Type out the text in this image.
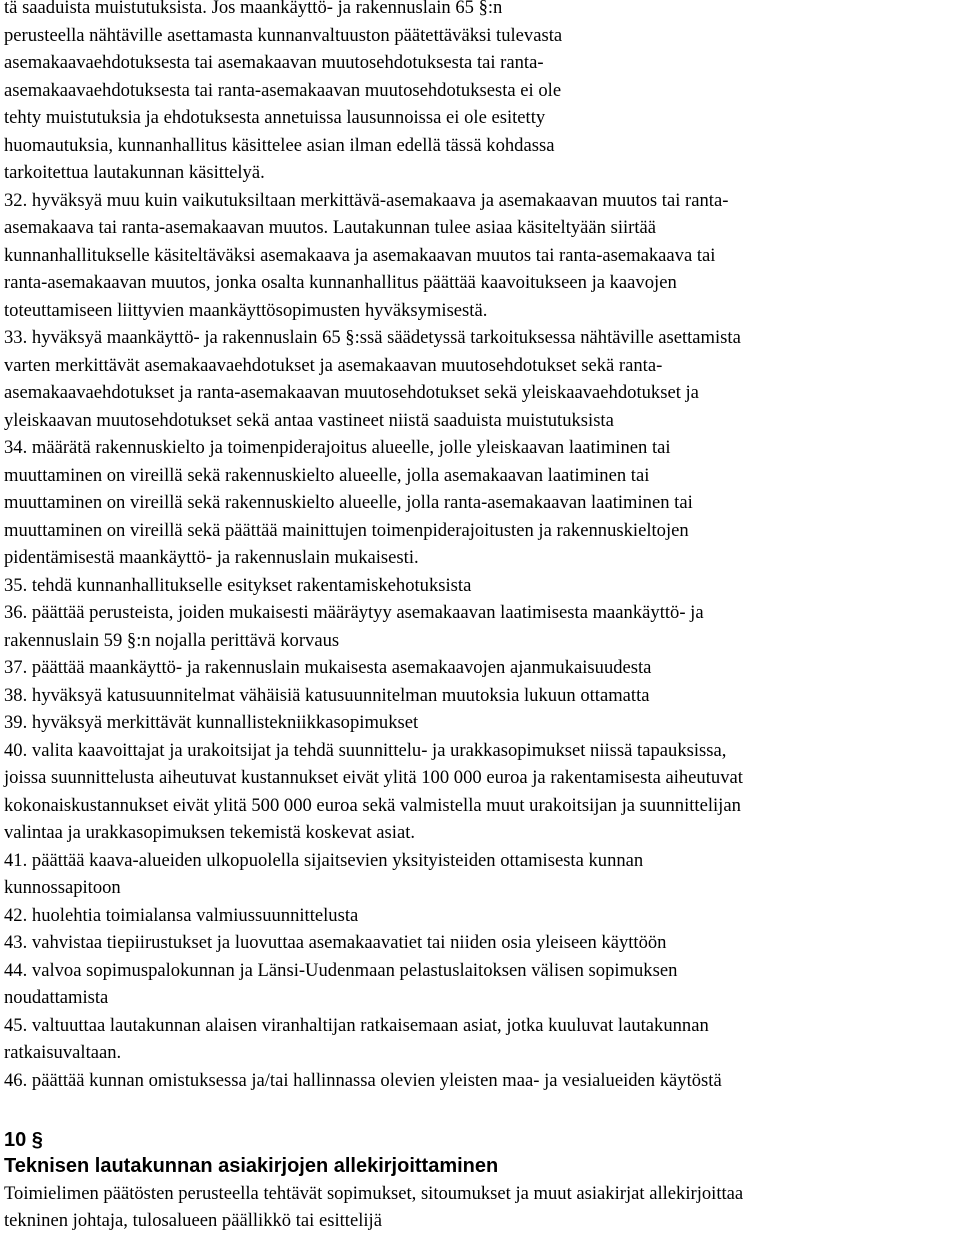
tä saaduista muistutuksista. Jos maankäyttö- ja rakennuslain 65 §:n
perusteella nähtäville asettamasta kunnanvaltuuston päätettäväksi tulevasta
asemakaavaehdotuksesta tai asemakaavan muutosehdotuksesta tai ranta-
asemakaavaehdotuksesta tai ranta-asemakaavan muutosehdotuksesta ei ole
tehty muistutuksia ja ehdotuksesta annetuissa lausunnoissa ei ole esitetty
huomautuksia, kunnanhallitus käsittelee asian ilman edellä tässä kohdassa
tarkoitettua lautakunnan käsittelyä.
32. hyväksyä muu kuin vaikutuksiltaan merkittävä-asemakaava ja asemakaavan muutos tai ranta-
asemakaava tai ranta-asemakaavan muutos. Lautakunnan tulee asiaa käsiteltyään siirtää
kunnanhallitukselle käsiteltäväksi asemakaava ja asemakaavan muutos tai ranta-asemakaava tai
ranta-asemakaavan muutos, jonka osalta kunnanhallitus päättää kaavoitukseen ja kaavojen
toteuttamiseen liittyvien maankäyttösopimusten hyväksymisestä.
33. hyväksyä maankäyttö- ja rakennuslain 65 §:ssä säädetyssä tarkoituksessa nähtäville asettamista
varten merkittävät asemakaavaehdotukset ja asemakaavan muutosehdotukset sekä ranta-
asemakaavaehdotukset ja ranta-asemakaavan muutosehdotukset sekä yleiskaavaehdotukset ja
yleiskaavan muutosehdotukset sekä antaa vastineet niistä saaduista muistutuksista
34. määrätä rakennuskielto ja toimenpiderajoitus alueelle, jolle yleiskaavan laatiminen tai
muuttaminen on vireillä sekä rakennuskielto alueelle, jolla asemakaavan laatiminen tai
muuttaminen on vireillä sekä rakennuskielto alueelle, jolla ranta-asemakaavan laatiminen tai
muuttaminen on vireillä sekä päättää mainittujen toimenpiderajoitusten ja rakennuskieltojen
pidentämisestä maankäyttö- ja rakennuslain mukaisesti.
35. tehdä kunnanhallitukselle esitykset rakentamiskehotuksista
36. päättää perusteista, joiden mukaisesti määräytyy asemakaavan laatimisesta maankäyttö- ja
rakennuslain 59 §:n nojalla perittävä korvaus
37. päättää maankäyttö- ja rakennuslain mukaisesta asemakaavojen ajanmukaisuudesta
38. hyväksyä katusuunnitelmat vähäisiä katusuunnitelman muutoksia lukuun ottamatta
39. hyväksyä merkittävät kunnallistekniikkasopimukset
40. valita kaavoittajat ja urakoitsijat ja tehdä suunnittelu- ja urakkasopimukset niissä tapauksissa,
joissa suunnittelusta aiheutuvat kustannukset eivät ylitä 100 000 euroa ja rakentamisesta aiheutuvat
kokonaiskustannukset eivät ylitä 500 000 euroa sekä valmistella muut urakoitsijan ja suunnittelijan
valintaa ja urakkasopimuksen tekemistä koskevat asiat.
41. päättää kaava-alueiden ulkopuolella sijaitsevien yksityisteiden ottamisesta kunnan
kunnossapitoon
42. huolehtia toimialansa valmiussuunnittelusta
43. vahvistaa tiepiirustukset ja luovuttaa asemakaavatiet tai niiden osia yleiseen käyttöön
44. valvoa sopimuspalokunnan ja Länsi-Uudenmaan pelastuslaitoksen välisen sopimuksen
noudattamista
45. valtuuttaa lautakunnan alaisen viranhaltijan ratkaisemaan asiat, jotka kuuluvat lautakunnan
ratkaisuvaltaan.
46. päättää kunnan omistuksessa ja/tai hallinnassa olevien yleisten maa- ja vesialueiden käytöstä
10 §
Teknisen lautakunnan asiakirjojen allekirjoittaminen
Toimielimen päätösten perusteella tehtävät sopimukset, sitoumukset ja muut asiakirjat allekirjoittaa
tekninen johtaja, tulosalueen päällikkö tai esittelijä
